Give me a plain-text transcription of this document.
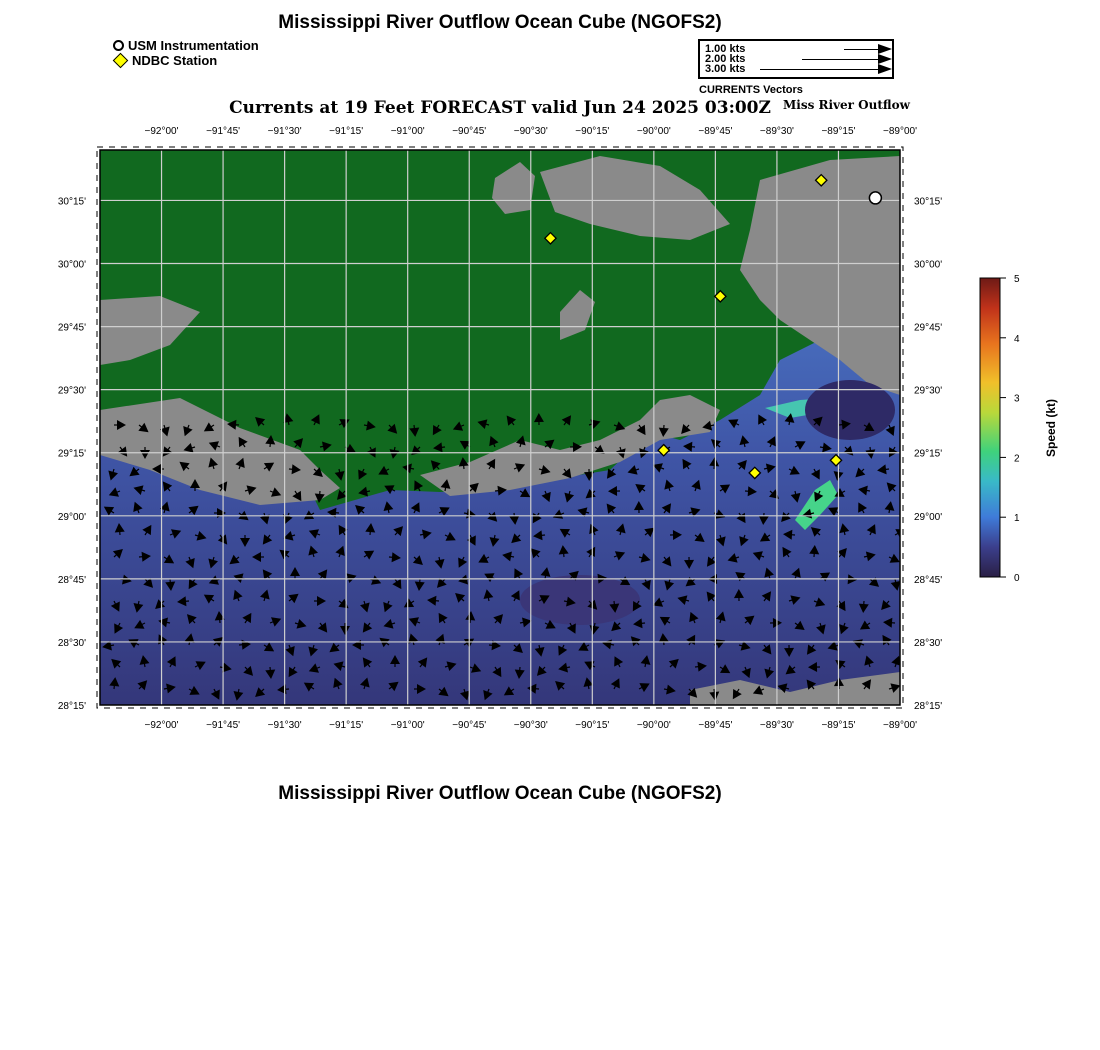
Mississippi River Outflow Ocean Cube (NGOFS2)
USM Instrumentation
NDBC Station
1.00 kts
2.00 kts
3.00 kts
CURRENTS Vectors
Currents at 19 Feet FORECAST valid Jun 24 2025 03:00Z	Miss River Outflow
−92°00'	−91°45'	−91°30'	−91°15'	−91°00'	−90°45'	−90°30'	−90°15'	−90°00'	−89°45'	−89°30'	−89°15'	−89°00'
−92°00'	−91°45'	−91°30'	−91°15'	−91°00'	−90°45'	−90°30'	−90°15'	−90°00'	−89°45'	−89°30'	−89°15'	−89°00'
30°15'
30°00'
29°45'
29°30'
29°15'
29°00'
28°45'
28°30'
28°15'
30°15'
30°00'
29°45'
29°30'
29°15'
29°00'
28°45'
28°30'
28°15'
5
4
3
2
1
0
Speed (kt)
Mississippi River Outflow Ocean Cube (NGOFS2)
